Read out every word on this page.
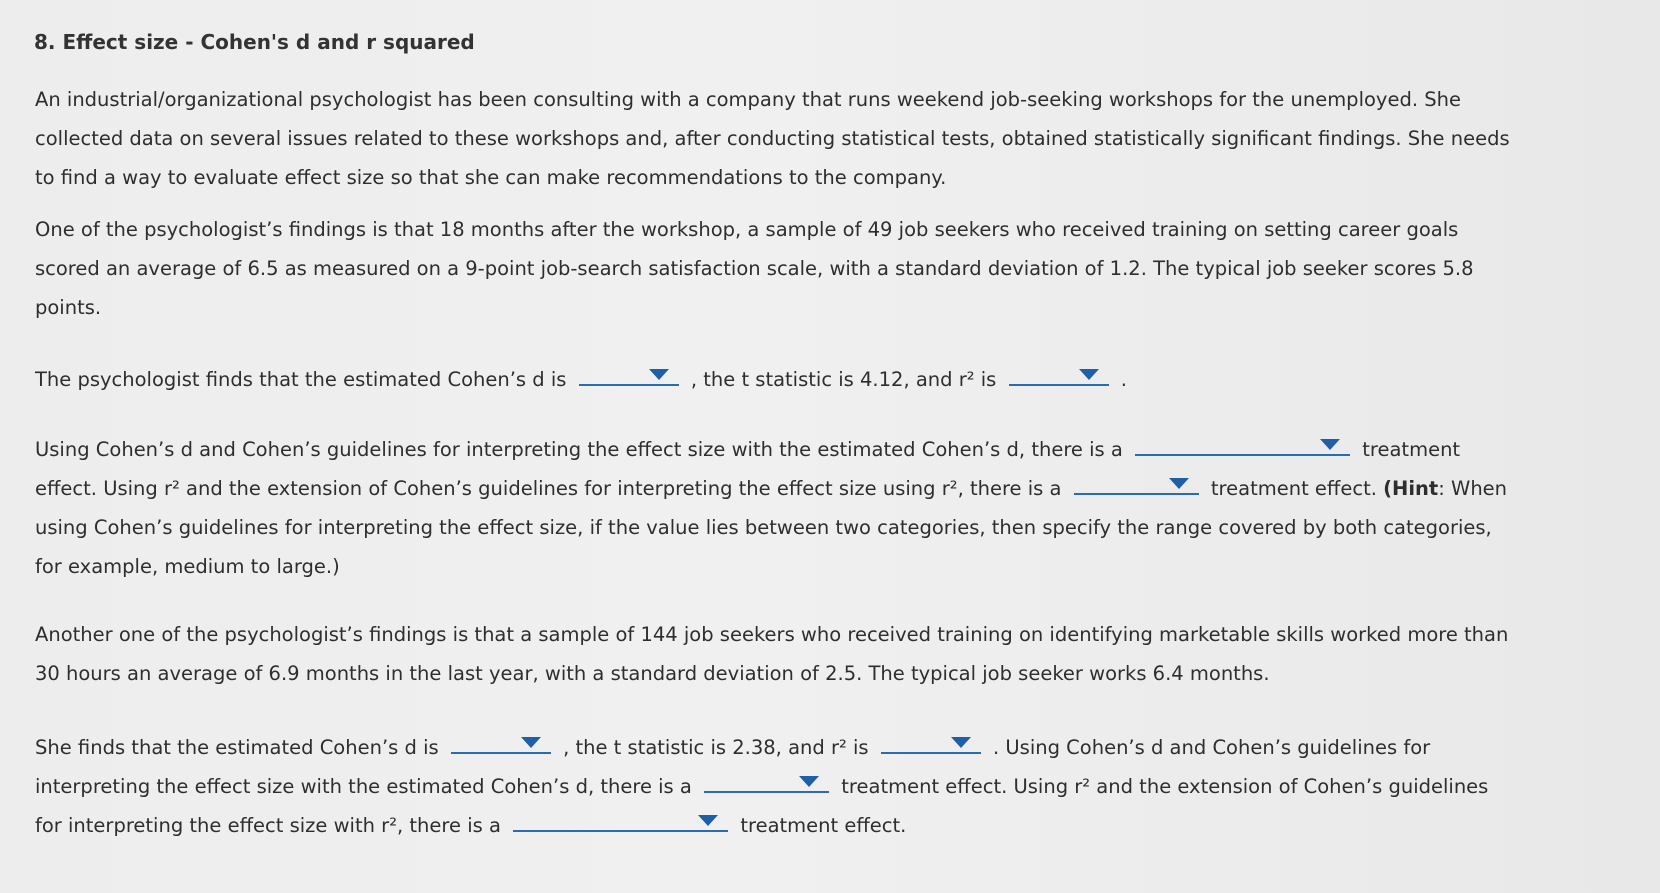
8. Effect size - Cohen's d and r squared
An industrial/organizational psychologist has been consulting with a company that runs weekend job-seeking workshops for the unemployed. She
collected data on several issues related to these workshops and, after conducting statistical tests, obtained statistically significant findings. She needs
to find a way to evaluate effect size so that she can make recommendations to the company.
One of the psychologist’s findings is that 18 months after the workshop, a sample of 49 job seekers who received training on setting career goals
scored an average of 6.5 as measured on a 9-point job-search satisfaction scale, with a standard deviation of 1.2. The typical job seeker scores 5.8
points.
The psychologist finds that the estimated Cohen’s d is	, the t statistic is 4.12, and r² is	.
Using Cohen’s d and Cohen’s guidelines for interpreting the effect size with the estimated Cohen’s d, there is a	treatment
effect. Using r² and the extension of Cohen’s guidelines for interpreting the effect size using r², there is a	treatment effect. (Hint: When
using Cohen’s guidelines for interpreting the effect size, if the value lies between two categories, then specify the range covered by both categories,
for example, medium to large.)
Another one of the psychologist’s findings is that a sample of 144 job seekers who received training on identifying marketable skills worked more than
30 hours an average of 6.9 months in the last year, with a standard deviation of 2.5. The typical job seeker works 6.4 months.
She finds that the estimated Cohen’s d is	, the t statistic is 2.38, and r² is	. Using Cohen’s d and Cohen’s guidelines for
interpreting the effect size with the estimated Cohen’s d, there is a	treatment effect. Using r² and the extension of Cohen’s guidelines
for interpreting the effect size with r², there is a	treatment effect.
